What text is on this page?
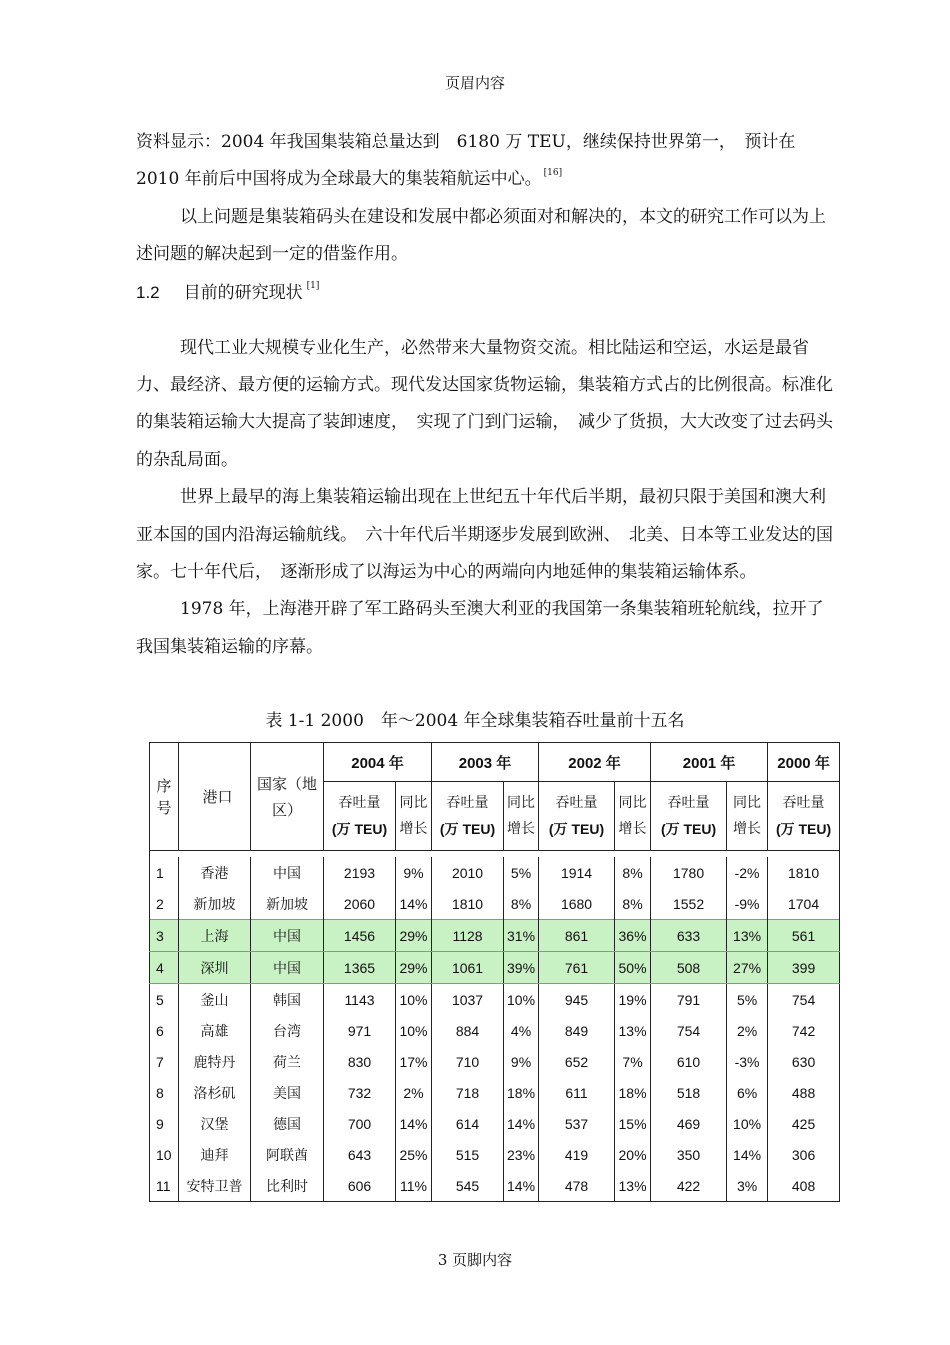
页眉内容

资料显示：2004 年我国集装箱总量达到　6180 万 TEU，继续保持世界第一，　预计在　2010 年前后中国将成为全球最大的集装箱航运中心。 [16]

以上问题是集装箱码头在建设和发展中都必须面对和解决的，本文的研究工作可以为上述问题的解决起到一定的借鉴作用。

1.2 目前的研究现状 [1]

现代工业大规模专业化生产，必然带来大量物资交流。相比陆运和空运，水运是最省力、最经济、最方便的运输方式。现代发达国家货物运输，集装箱方式占的比例很高。标准化的集装箱运输大大提高了装卸速度，　实现了门到门运输，　减少了货损，大大改变了过去码头的杂乱局面。

世界上最早的海上集装箱运输出现在上世纪五十年代后半期，最初只限于美国和澳大利亚本国的国内沿海运输航线。　六十年代后半期逐步发展到欧洲、　北美、日本等工业发达的国家。七十年代后，　逐渐形成了以海运为中心的两端向内地延伸的集装箱运输体系。

1978 年，上海港开辟了军工路码头至澳大利亚的我国第一条集装箱班轮航线，拉开了我国集装箱运输的序幕。

表 1-1 2000　年～2004 年全球集装箱吞吐量前十五名
序号	港口	国家（地区）	2004 年		2003 年		2002 年		2001 年		2000 年
			吞吐量
(万 TEU)	同比增长	吞吐量
(万 TEU)	同比增长	吞吐量
(万 TEU)	同比增长	吞吐量
(万 TEU)	同比增长	吞吐量
(万 TEU)

1	香港	中国	2193	9%	2010	5%	1914	8%	1780	-2%	1810
2	新加坡	新加坡	2060	14%	1810	8%	1680	8%	1552	-9%	1704
3	上海	中国	1456	29%	1128	31%	861	36%	633	13%	561
4	深圳	中国	1365	29%	1061	39%	761	50%	508	27%	399
5	釜山	韩国	1143	10%	1037	10%	945	19%	791	5%	754
6	高雄	台湾	971	10%	884	4%	849	13%	754	2%	742
7	鹿特丹	荷兰	830	17%	710	9%	652	7%	610	-3%	630
8	洛杉矶	美国	732	2%	718	18%	611	18%	518	6%	488
9	汉堡	德国	700	14%	614	14%	537	15%	469	10%	425
10	迪拜	阿联酋	643	25%	515	23%	419	20%	350	14%	306
11	安特卫普	比利时	606	11%	545	14%	478	13%	422	3%	408
3 页脚内容
